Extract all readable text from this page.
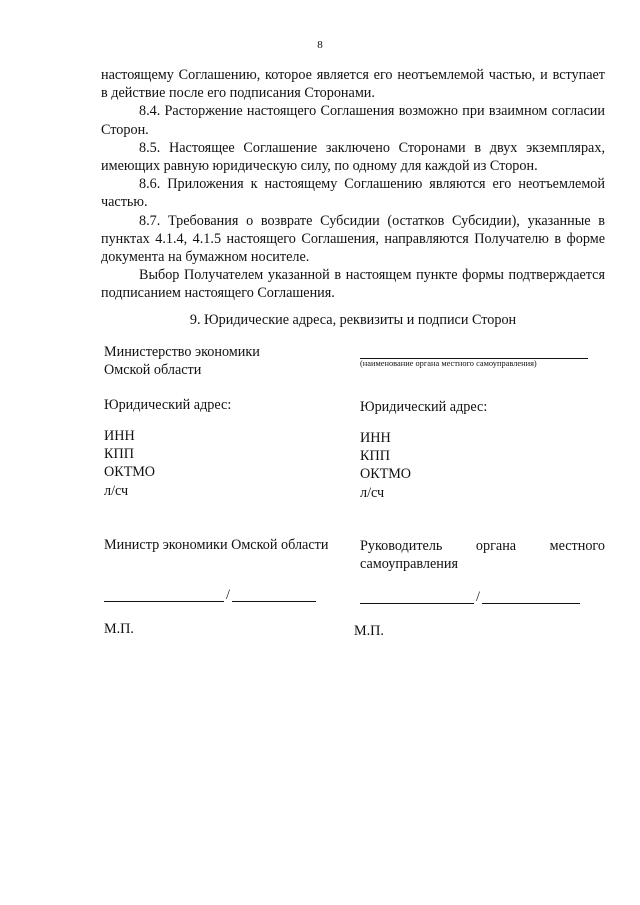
8

настоящему Соглашению, которое является его неотъемлемой частью, и вступает в действие после его подписания Сторонами.

8.4. Расторжение настоящего Соглашения возможно при взаимном согласии Сторон.

8.5. Настоящее Соглашение заключено Сторонами в двух экземплярах, имеющих равную юридическую силу, по одному для каждой из Сторон.

8.6. Приложения к настоящему Соглашению являются его неотъемлемой частью.

8.7. Требования о возврате Субсидии (остатков Субсидии), указанные в пунктах 4.1.4, 4.1.5 настоящего Соглашения, направляются Получателю в форме документа на бумажном носителе.

Выбор Получателем указанной в настоящем пункте формы подтверждается подписанием настоящего Соглашения.

9. Юридические адреса, реквизиты и подписи Сторон
Министерство экономики
Омской области
Юридический адрес:
ИНН
КПП
ОКТМО
л/сч
Министр экономики Омской области
/
М.П.
(наименование органа местного самоуправления)
Юридический адрес:
ИНН
КПП
ОКТМО
л/сч
Руководитель органа местного
самоуправления
/
М.П.
